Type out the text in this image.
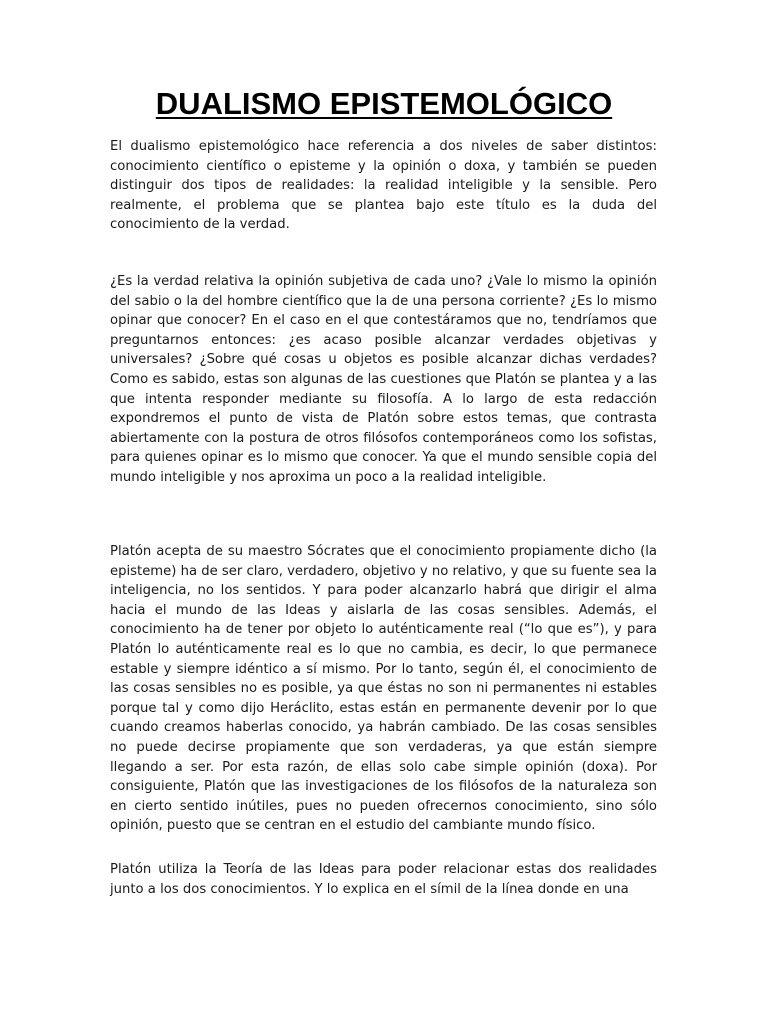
DUALISMO EPISTEMOLÓGICO

El dualismo epistemológico hace referencia a dos niveles de saber distintos: conocimiento científico o episteme y la opinión o doxa, y también se pueden distinguir dos tipos de realidades: la realidad inteligible y la sensible. Pero realmente, el problema que se plantea bajo este título es la duda del conocimiento de la verdad.

¿Es la verdad relativa la opinión subjetiva de cada uno? ¿Vale lo mismo la opinión del sabio o la del hombre científico que la de una persona corriente? ¿Es lo mismo opinar que conocer? En el caso en el que contestáramos que no, tendríamos que preguntarnos entonces: ¿es acaso posible alcanzar verdades objetivas y universales? ¿Sobre qué cosas u objetos es posible alcanzar dichas verdades? Como es sabido, estas son algunas de las cuestiones que Platón se plantea y a las que intenta responder mediante su filosofía. A lo largo de esta redacción expondremos el punto de vista de Platón sobre estos temas, que contrasta abiertamente con la postura de otros filósofos contemporáneos como los sofistas, para quienes opinar es lo mismo que conocer. Ya que el mundo sensible copia del mundo inteligible y nos aproxima un poco a la realidad inteligible.

Platón acepta de su maestro Sócrates que el conocimiento propiamente dicho (la episteme) ha de ser claro, verdadero, objetivo y no relativo, y que su fuente sea la inteligencia, no los sentidos. Y para poder alcanzarlo habrá que dirigir el alma hacia el mundo de las Ideas y aislarla de las cosas sensibles. Además, el conocimiento ha de tener por objeto lo auténticamente real (“lo que es”), y para Platón lo auténticamente real es lo que no cambia, es decir, lo que permanece estable y siempre idéntico a sí mismo. Por lo tanto, según él, el conocimiento de las cosas sensibles no es posible, ya que éstas no son ni permanentes ni estables porque tal y como dijo Heráclito, estas están en permanente devenir por lo que cuando creamos haberlas conocido, ya habrán cambiado. De las cosas sensibles no puede decirse propiamente que son verdaderas, ya que están siempre llegando a ser. Por esta razón, de ellas solo cabe simple opinión (doxa). Por consiguiente, Platón que las investigaciones de los filósofos de la naturaleza son en cierto sentido inútiles, pues no pueden ofrecernos conocimiento, sino sólo opinión, puesto que se centran en el estudio del cambiante mundo físico.

Platón utiliza la Teoría de las Ideas para poder relacionar estas dos realidades junto a los dos conocimientos. Y lo explica en el símil de la línea donde en una
